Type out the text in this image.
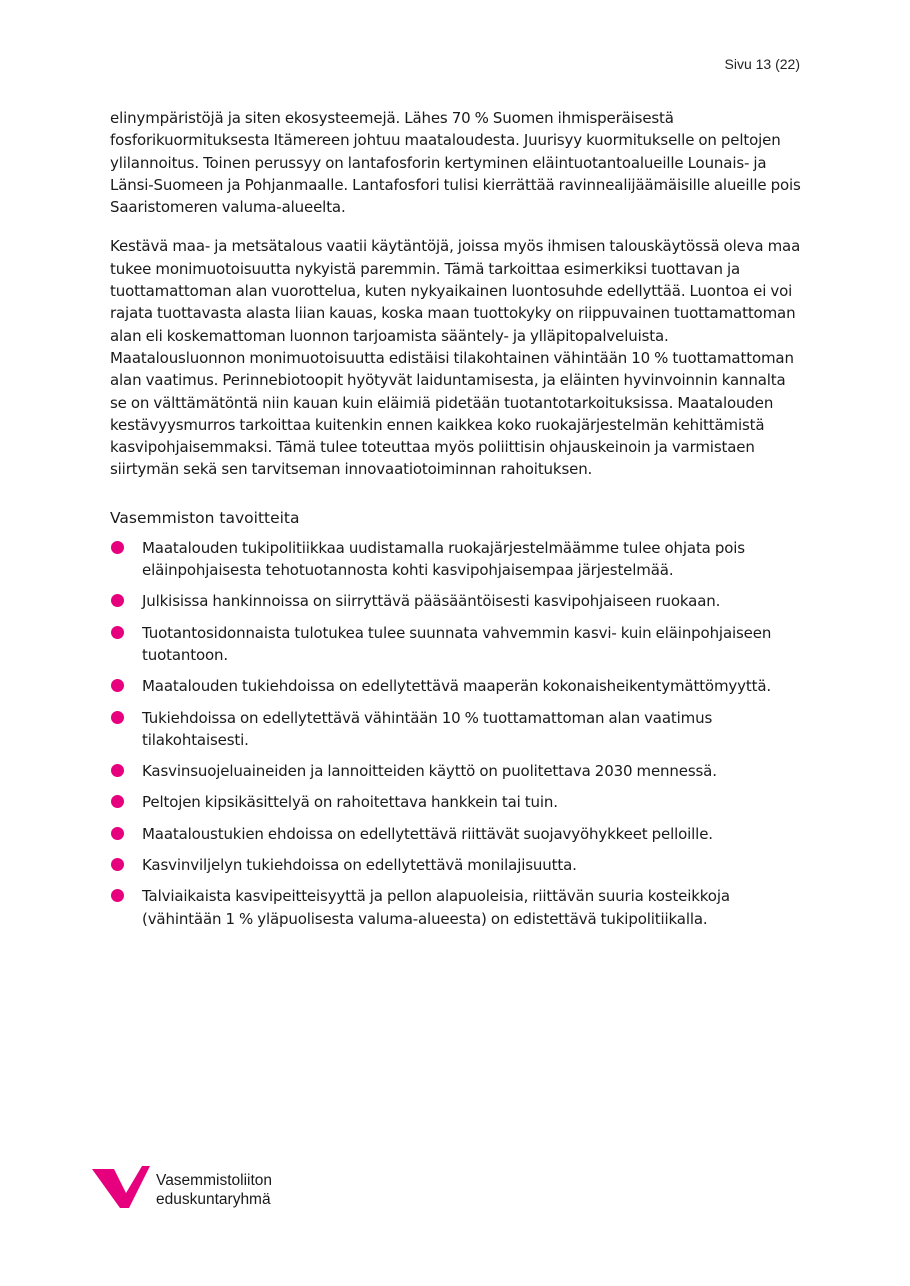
Sivu 13 (22)

elinympäristöjä ja siten ekosysteemejä. Lähes 70 % Suomen ihmisperäisestä fosforikuormituksesta Itämereen johtuu maataloudesta. Juurisyy kuormitukselle on peltojen ylilannoitus. Toinen perussyy on lantafosforin kertyminen eläintuotantoalueille Lounais- ja Länsi-Suomeen ja Pohjanmaalle. Lantafosfori tulisi kierrättää ravinnealijäämäisille alueille pois Saaristomeren valuma-alueelta.

Kestävä maa- ja metsätalous vaatii käytäntöjä, joissa myös ihmisen talouskäytössä oleva maa tukee monimuotoisuutta nykyistä paremmin. Tämä tarkoittaa esimerkiksi tuottavan ja tuottamattoman alan vuorottelua, kuten nykyaikainen luontosuhde edellyttää. Luontoa ei voi rajata tuottavasta alasta liian kauas, koska maan tuottokyky on riippuvainen tuottamattoman alan eli koskemattoman luonnon tarjoamista sääntely- ja ylläpitopalveluista. Maatalousluonnon monimuotoisuutta edistäisi tilakohtainen vähintään 10 % tuottamattoman alan vaatimus. Perinnebiotoopit hyötyvät laiduntamisesta, ja eläinten hyvinvoinnin kannalta se on välttämätöntä niin kauan kuin eläimiä pidetään tuotantotarkoituksissa. Maatalouden kestävyysmurros tarkoittaa kuitenkin ennen kaikkea koko ruokajärjestelmän kehittämistä kasvipohjaisemmaksi. Tämä tulee toteuttaa myös poliittisin ohjauskeinoin ja varmistaen siirtymän sekä sen tarvitseman innovaatiotoiminnan rahoituksen.

Vasemmiston tavoitteita
Maatalouden tukipolitiikkaa uudistamalla ruokajärjestelmäämme tulee ohjata pois eläinpohjaisesta tehotuotannosta kohti kasvipohjaisempaa järjestelmää.
Julkisissa hankinnoissa on siirryttävä pääsääntöisesti kasvipohjaiseen ruokaan.
Tuotantosidonnaista tulotukea tulee suunnata vahvemmin kasvi- kuin eläinpohjaiseen tuotantoon.
Maatalouden tukiehdoissa on edellytettävä maaperän kokonaisheikentymättömyyttä.
Tukiehdoissa on edellytettävä vähintään 10 % tuottamattoman alan vaatimus tilakohtaisesti.
Kasvinsuojeluaineiden ja lannoitteiden käyttö on puolitettava 2030 mennessä.
Peltojen kipsikäsittelyä on rahoitettava hankkein tai tuin.
Maataloustukien ehdoissa on edellytettävä riittävät suojavyöhykkeet pelloille.
Kasvinviljelyn tukiehdoissa on edellytettävä monilajisuutta.
Talviaikaista kasvipeitteisyyttä ja pellon alapuoleisia, riittävän suuria kosteikkoja (vähintään 1 % yläpuolisesta valuma-alueesta) on edistettävä tukipolitiikalla.
Vasemmistoliiton
eduskuntaryhmä
